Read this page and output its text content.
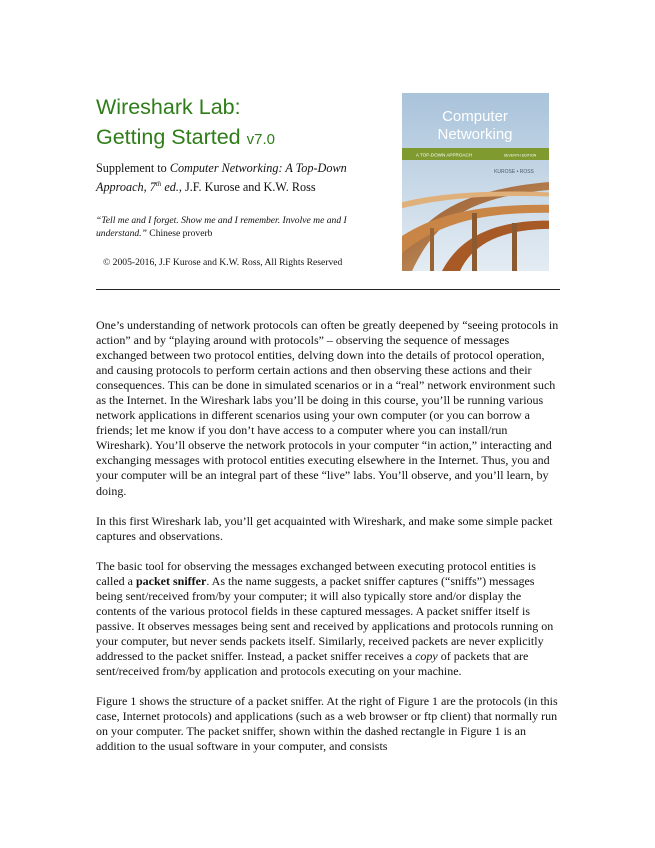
Wireshark Lab:
Getting Started v7.0
Supplement to Computer Networking: A Top-Down Approach, 7th ed., J.F. Kurose and K.W. Ross
“Tell me and I forget. Show me and I remember. Involve me and I understand.” Chinese proverb
© 2005-2016, J.F Kurose and K.W. Ross, All Rights Reserved
Computer
Networking
A TOP-DOWN APPROACH	SEVENTH EDITION
KUROSE • ROSS

One’s understanding of network protocols can often be greatly deepened by “seeing protocols in action” and by “playing around with protocols” – observing the sequence of messages exchanged between two protocol entities, delving down into the details of protocol operation, and causing protocols to perform certain actions and then observing these actions and their consequences. This can be done in simulated scenarios or in a “real” network environment such as the Internet. In the Wireshark labs you’ll be doing in this course, you’ll be running various network applications in different scenarios using your own computer (or you can borrow a friends; let me know if you don’t have access to a computer where you can install/run Wireshark). You’ll observe the network protocols in your computer “in action,” interacting and exchanging messages with protocol entities executing elsewhere in the Internet. Thus, you and your computer will be an integral part of these “live” labs. You’ll observe, and you’ll learn, by doing.

In this first Wireshark lab, you’ll get acquainted with Wireshark, and make some simple packet captures and observations.

The basic tool for observing the messages exchanged between executing protocol entities is called a packet sniffer. As the name suggests, a packet sniffer captures (“sniffs”) messages being sent/received from/by your computer; it will also typically store and/or display the contents of the various protocol fields in these captured messages. A packet sniffer itself is passive. It observes messages being sent and received by applications and protocols running on your computer, but never sends packets itself. Similarly, received packets are never explicitly addressed to the packet sniffer. Instead, a packet sniffer receives a copy of packets that are sent/received from/by application and protocols executing on your machine.

Figure 1 shows the structure of a packet sniffer. At the right of Figure 1 are the protocols (in this case, Internet protocols) and applications (such as a web browser or ftp client) that normally run on your computer. The packet sniffer, shown within the dashed rectangle in Figure 1 is an addition to the usual software in your computer, and consists
